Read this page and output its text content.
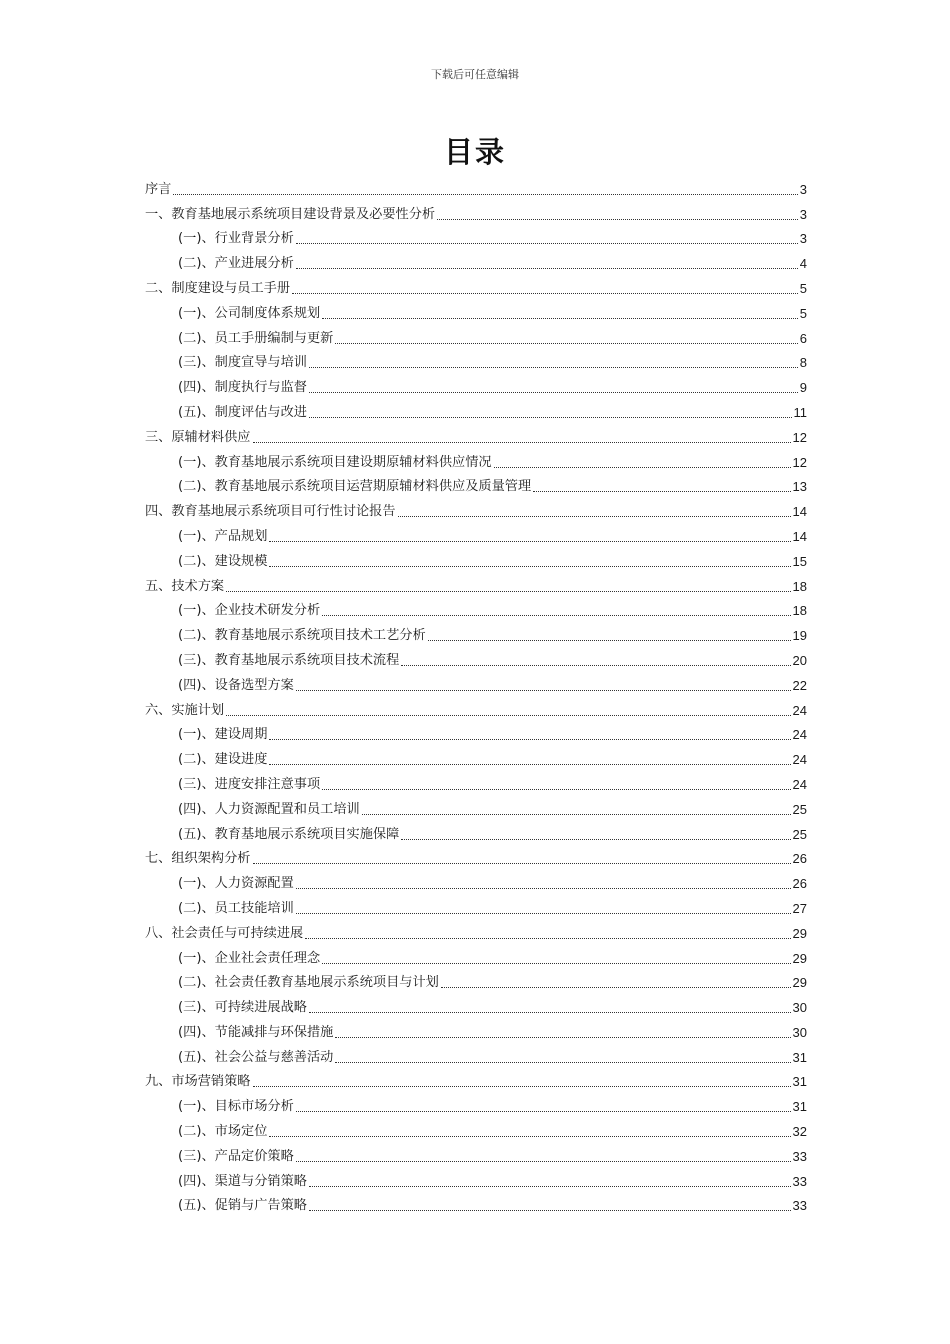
下载后可任意编辑
目录
序言	3
一、教育基地展示系统项目建设背景及必要性分析	3
(一)、行业背景分析	3
(二)、产业进展分析	4
二、制度建设与员工手册	5
(一)、公司制度体系规划	5
(二)、员工手册编制与更新	6
(三)、制度宣导与培训	8
(四)、制度执行与监督	9
(五)、制度评估与改进	11
三、原辅材料供应	12
(一)、教育基地展示系统项目建设期原辅材料供应情况	12
(二)、教育基地展示系统项目运营期原辅材料供应及质量管理	13
四、教育基地展示系统项目可行性讨论报告	14
(一)、产品规划	14
(二)、建设规模	15
五、技术方案	18
(一)、企业技术研发分析	18
(二)、教育基地展示系统项目技术工艺分析	19
(三)、教育基地展示系统项目技术流程	20
(四)、设备选型方案	22
六、实施计划	24
(一)、建设周期	24
(二)、建设进度	24
(三)、进度安排注意事项	24
(四)、人力资源配置和员工培训	25
(五)、教育基地展示系统项目实施保障	25
七、组织架构分析	26
(一)、人力资源配置	26
(二)、员工技能培训	27
八、社会责任与可持续进展	29
(一)、企业社会责任理念	29
(二)、社会责任教育基地展示系统项目与计划	29
(三)、可持续进展战略	30
(四)、节能减排与环保措施	30
(五)、社会公益与慈善活动	31
九、市场营销策略	31
(一)、目标市场分析	31
(二)、市场定位	32
(三)、产品定价策略	33
(四)、渠道与分销策略	33
(五)、促销与广告策略	33
